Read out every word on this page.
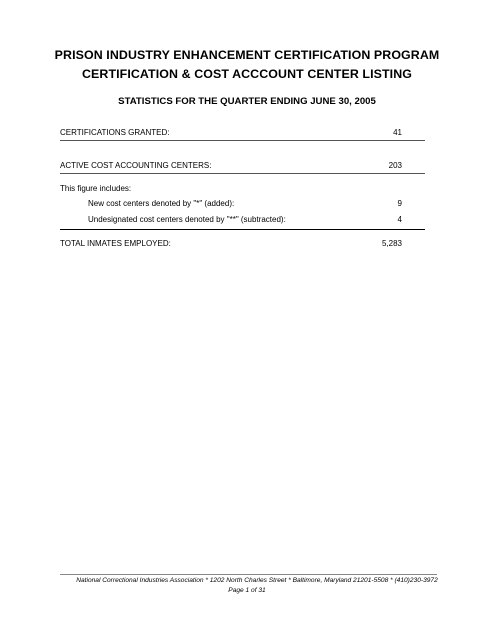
PRISON INDUSTRY ENHANCEMENT CERTIFICATION PROGRAM
CERTIFICATION & COST ACCCOUNT CENTER LISTING
STATISTICS FOR THE QUARTER ENDING JUNE 30, 2005
CERTIFICATIONS GRANTED:	41
ACTIVE COST ACCOUNTING CENTERS:	203
This figure includes:
New cost centers denoted by "*" (added):	9
Undesignated cost centers denoted by "**" (subtracted):	4
TOTAL INMATES EMPLOYED:	5,283
National Correctional Industries Association * 1202 North Charles Street * Baltimore, Maryland 21201-5508 * (410)230-3972
Page 1 of 31
